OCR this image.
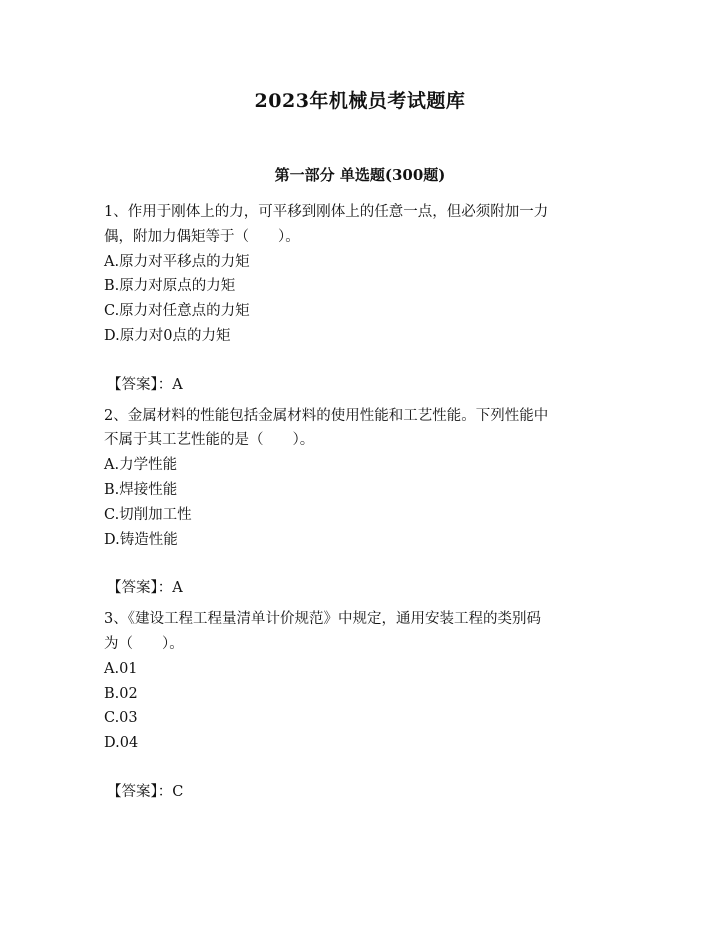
2023年机械员考试题库
第一部分 单选题(300题)

1、作用于刚体上的力，可平移到刚体上的任意一点，但必须附加一力

偶，附加力偶矩等于（　　）。

A.原力对平移点的力矩

B.原力对原点的力矩

C.原力对任意点的力矩

D.原力对0点的力矩

【答案】：A

2、金属材料的性能包括金属材料的使用性能和工艺性能。下列性能中

不属于其工艺性能的是（　　）。

A.力学性能

B.焊接性能

C.切削加工性

D.铸造性能

【答案】：A

3、《建设工程工程量清单计价规范》中规定，通用安装工程的类别码

为（　　）。

A.01

B.02

C.03

D.04

【答案】：C
